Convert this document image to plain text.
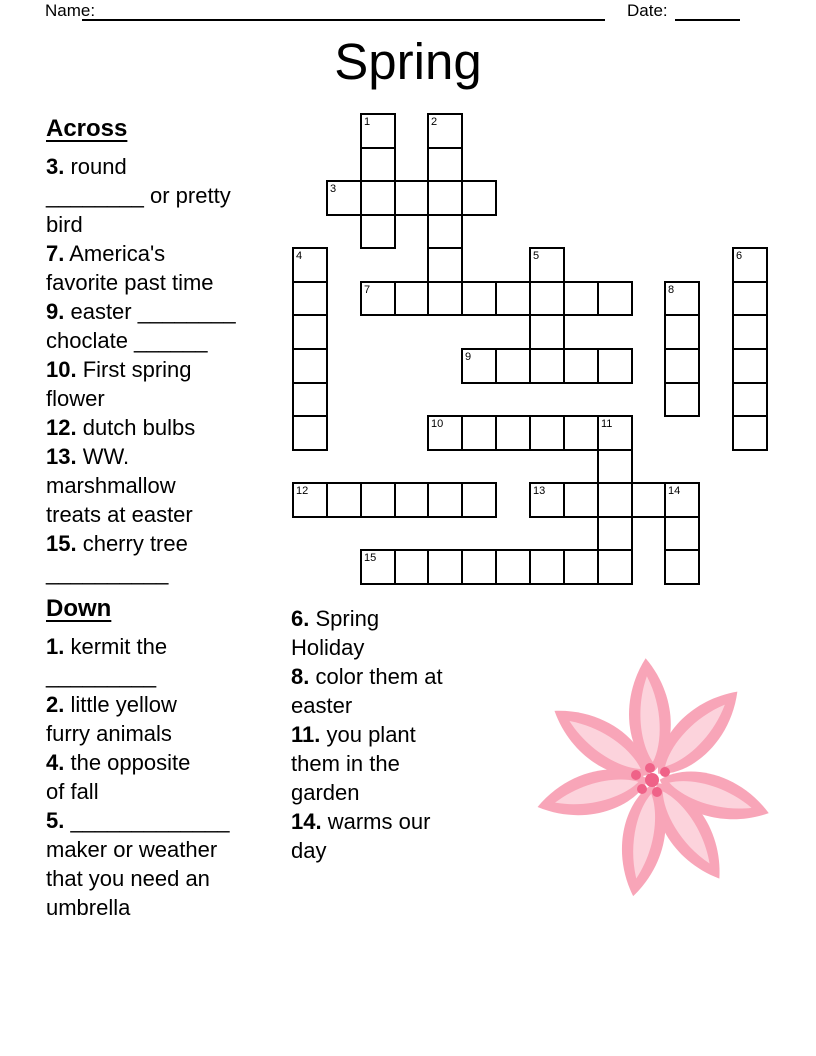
Name:	Date:
Spring
Across
3. round
________ or pretty
bird
7. America's
favorite past time
9. easter ________
choclate ______
10. First spring
flower
12. dutch bulbs
13. WW.
marshmallow
treats at easter
15. cherry tree
__________
Down
1. kermit the
_________
2. little yellow
furry animals
4. the opposite
of fall
5. _____________
maker or weather
that you need an
umbrella
6. Spring
Holiday
8. color them at
easter
11. you plant
them in the
garden
14. warms our
day
1	2
3
4	5	6
7	8
9
10	11
12	13	14
15
